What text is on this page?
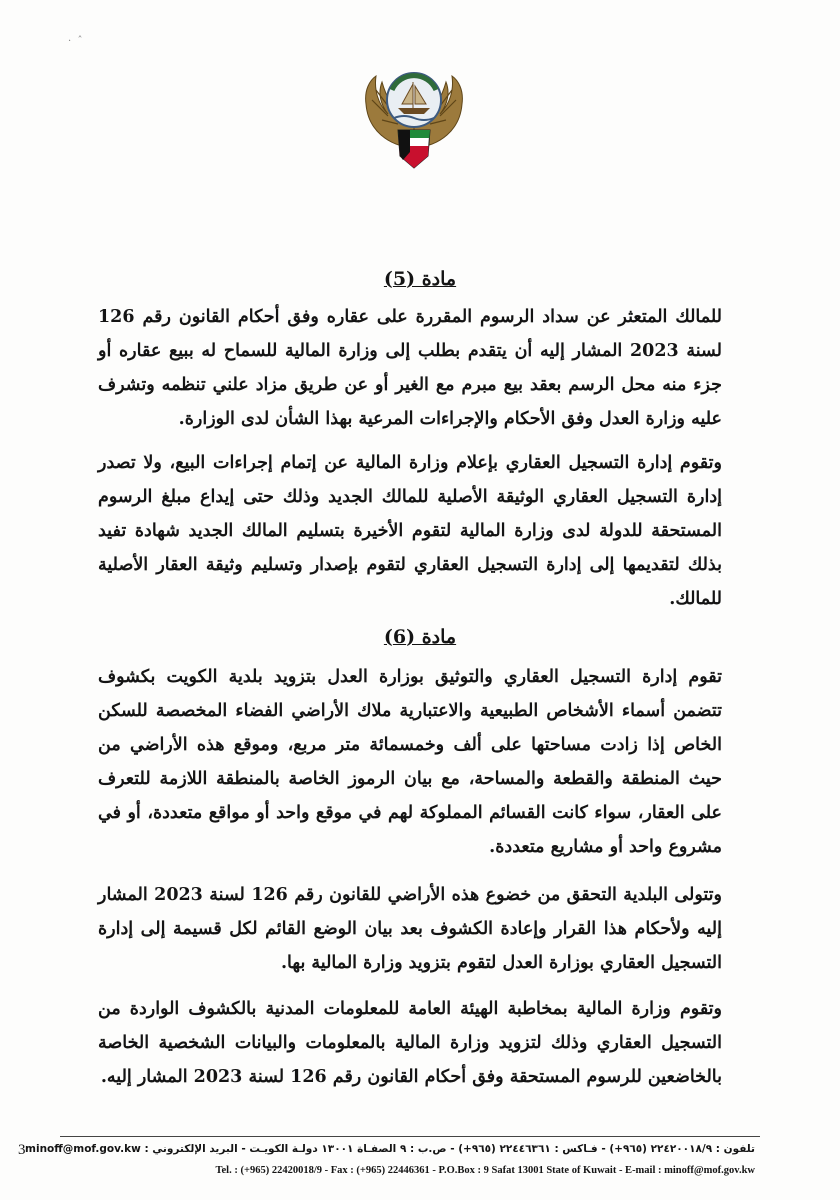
·  ˆ
مادة (5)
للمالك المتعثر عن سداد الرسوم المقررة على عقاره وفق أحكام القانون رقم 126 لسنة 2023 المشار إليه أن يتقدم بطلب إلى وزارة المالية للسماح له ببيع عقاره أو جزء منه محل الرسم بعقد بيع مبرم مع الغير أو عن طريق مزاد علني تنظمه وتشرف عليه وزارة العدل وفق الأحكام والإجراءات المرعية بهذا الشأن لدى الوزارة.
وتقوم إدارة التسجيل العقاري بإعلام وزارة المالية عن إتمام إجراءات البيع، ولا تصدر إدارة التسجيل العقاري الوثيقة الأصلية للمالك الجديد وذلك حتى إيداع مبلغ الرسوم المستحقة للدولة لدى وزارة المالية لتقوم الأخيرة بتسليم المالك الجديد شهادة تفيد بذلك لتقديمها إلى إدارة التسجيل العقاري لتقوم بإصدار وتسليم وثيقة العقار الأصلية للمالك.
مادة (6)
تقوم إدارة التسجيل العقاري والتوثيق بوزارة العدل بتزويد بلدية الكويت بكشوف تتضمن أسماء الأشخاص الطبيعية والاعتبارية ملاك الأراضي الفضاء المخصصة للسكن الخاص إذا زادت مساحتها على ألف وخمسمائة متر مربع، وموقع هذه الأراضي من حيث المنطقة والقطعة والمساحة، مع بيان الرموز الخاصة بالمنطقة اللازمة للتعرف على العقار، سواء كانت القسائم المملوكة لهم في موقع واحد أو مواقع متعددة، أو في مشروع واحد أو مشاريع متعددة.
وتتولى البلدية التحقق من خضوع هذه الأراضي للقانون رقم 126 لسنة 2023 المشار إليه ولأحكام هذا القرار وإعادة الكشوف بعد بيان الوضع القائم لكل قسيمة إلى إدارة التسجيل العقاري بوزارة العدل لتقوم بتزويد وزارة المالية بها.
وتقوم وزارة المالية بمخاطبة الهيئة العامة للمعلومات المدنية بالكشوف الواردة من التسجيل العقاري وذلك لتزويد وزارة المالية بالمعلومات والبيانات الشخصية الخاصة بالخاضعين للرسوم المستحقة وفق أحكام القانون رقم 126 لسنة 2023 المشار إليه.
تلفون : ٢٢٤٢٠٠١٨/٩ (٩٦٥+) - فـاكس : ٢٢٤٤٦٣٦١ (٩٦٥+) - ص.ب : ٩ الصفـاة ١٣٠٠١ دولـة الكويـت - البريد الإلكتروني : minoff@mof.gov.kw
Tel. : (+965) 22420018/9 - Fax : (+965) 22446361 - P.O.Box : 9 Safat 13001 State of Kuwait - E-mail : minoff@mof.gov.kw
3
